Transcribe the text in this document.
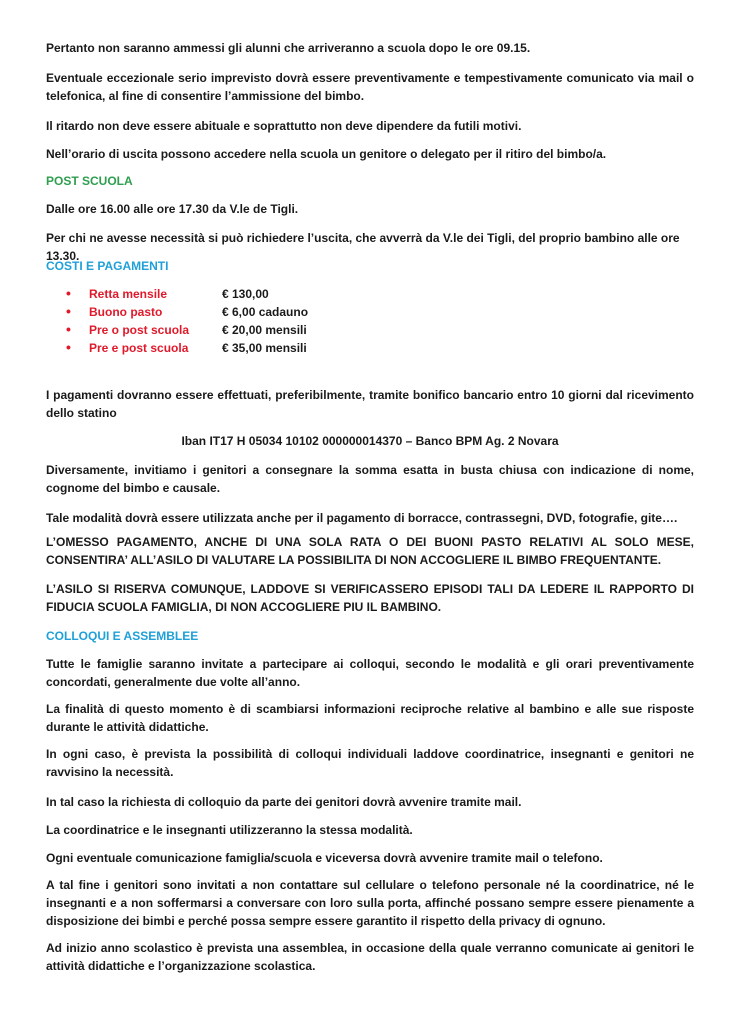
Pertanto non saranno ammessi gli alunni che arriveranno a scuola dopo le ore 09.15.

Eventuale eccezionale serio imprevisto dovrà essere preventivamente e tempestivamente comunicato via mail o telefonica, al fine di consentire l’ammissione del bimbo.

Il ritardo non deve essere abituale e soprattutto non deve dipendere da futili motivi.

Nell’orario di uscita possono accedere nella scuola un genitore o delegato per il ritiro del bimbo/a.

POST SCUOLA

Dalle ore 16.00 alle ore 17.30 da V.le de Tigli.

Per chi ne avesse necessità si può richiedere l’uscita, che avverrà da V.le dei Tigli, del proprio bambino alle ore 13.30.

COSTI E PAGAMENTI

• Retta mensile	€ 130,00
• Buono pasto	€ 6,00 cadauno
• Pre o post scuola	€ 20,00 mensili
• Pre e post scuola	€ 35,00 mensili

I pagamenti dovranno essere effettuati, preferibilmente, tramite bonifico bancario entro 10 giorni dal ricevimento dello statino

Iban IT17 H 05034 10102 000000014370 – Banco BPM Ag. 2 Novara

Diversamente, invitiamo i genitori a consegnare la somma esatta in busta chiusa con indicazione di nome, cognome del bimbo e causale.

Tale modalità dovrà essere utilizzata anche per il pagamento di borracce, contrassegni, DVD, fotografie, gite….

L’OMESSO PAGAMENTO, ANCHE DI UNA SOLA RATA O DEI BUONI PASTO RELATIVI AL SOLO MESE, CONSENTIRA’ ALL’ASILO DI VALUTARE LA POSSIBILITA DI NON ACCOGLIERE IL BIMBO FREQUENTANTE.

L’ASILO SI RISERVA COMUNQUE, LADDOVE SI VERIFICASSERO EPISODI TALI DA LEDERE IL RAPPORTO DI FIDUCIA SCUOLA FAMIGLIA, DI NON ACCOGLIERE PIU IL BAMBINO.

COLLOQUI E ASSEMBLEE

Tutte le famiglie saranno invitate a partecipare ai colloqui, secondo le modalità e gli orari preventivamente concordati, generalmente due volte all’anno.

La finalità di questo momento è di scambiarsi informazioni reciproche relative al bambino e alle sue risposte durante le attività didattiche.

In ogni caso, è prevista la possibilità di colloqui individuali laddove coordinatrice, insegnanti e genitori ne ravvisino la necessità.

In tal caso la richiesta di colloquio da parte dei genitori dovrà avvenire tramite mail.

La coordinatrice e le insegnanti utilizzeranno la stessa modalità.

Ogni eventuale comunicazione famiglia/scuola e viceversa dovrà avvenire tramite mail o telefono.

A tal fine i genitori sono invitati a non contattare sul cellulare o telefono personale né la coordinatrice, né le insegnanti e a non soffermarsi a conversare con loro sulla porta, affinché possano sempre essere pienamente a disposizione dei bimbi e perché possa sempre essere garantito il rispetto della privacy di ognuno.

Ad inizio anno scolastico è prevista una assemblea, in occasione della quale verranno comunicate ai genitori le attività didattiche e l’organizzazione scolastica.
